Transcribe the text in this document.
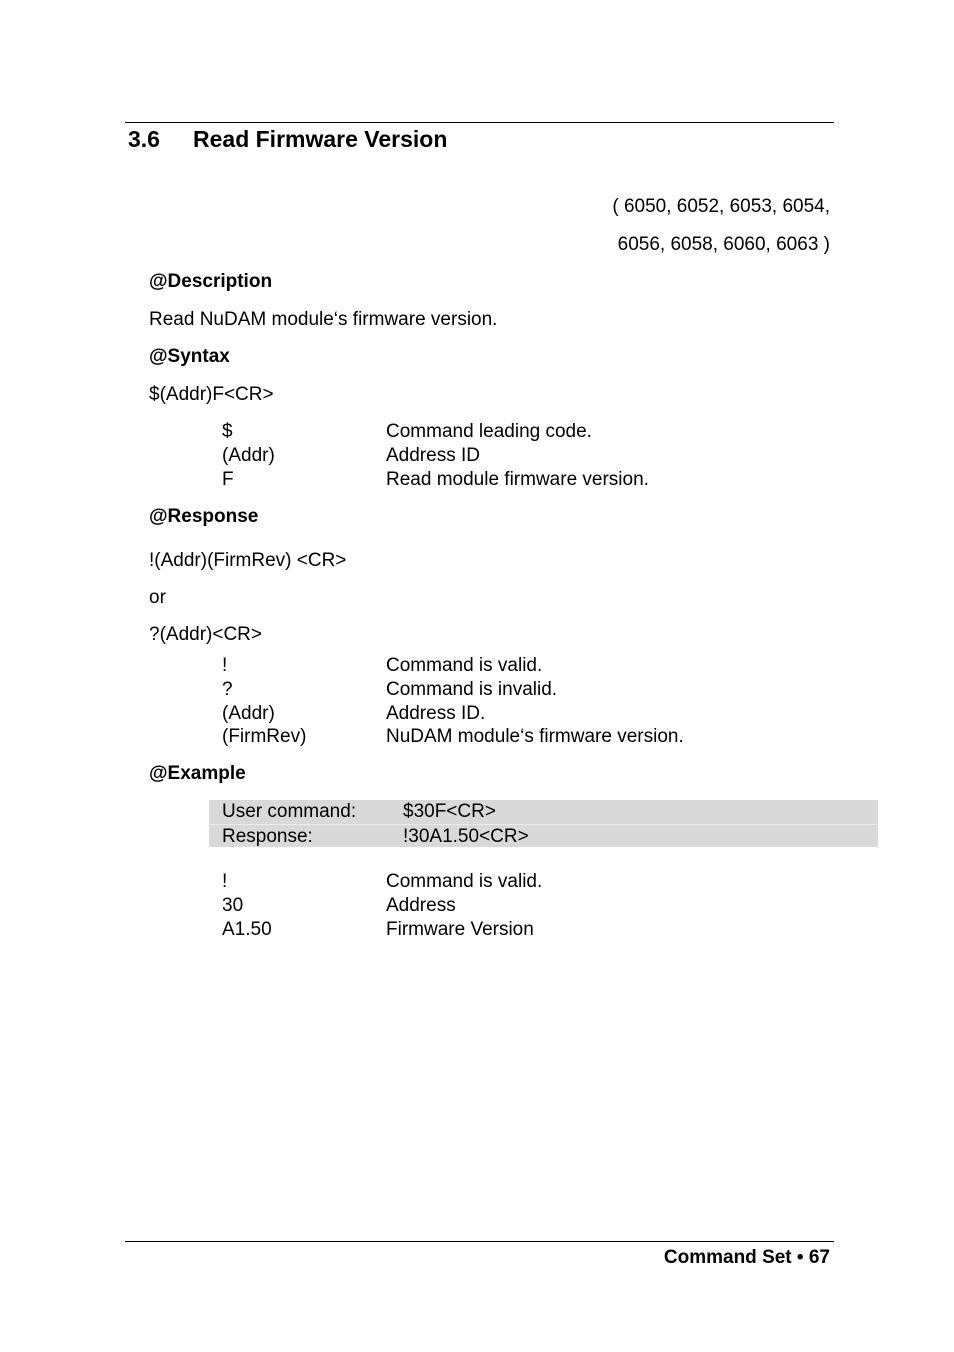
3.6 Read Firmware Version
( 6050, 6052, 6053, 6054,
6056, 6058, 6060, 6063 )
@Description
Read NuDAM module‘s firmware version.
@Syntax
$(Addr)F<CR>
$	Command leading code.
(Addr)	Address ID
F	Read module firmware version.
@Response
!(Addr)(FirmRev) <CR>
or
?(Addr)<CR>
!	Command is valid.
?	Command is invalid.
(Addr)	Address ID.
(FirmRev)	NuDAM module‘s firmware version.
@Example
User command: $30F<CR>
Response:	!30A1.50<CR>
!	Command is valid.
30	Address
A1.50	Firmware Version
Command Set • 67
